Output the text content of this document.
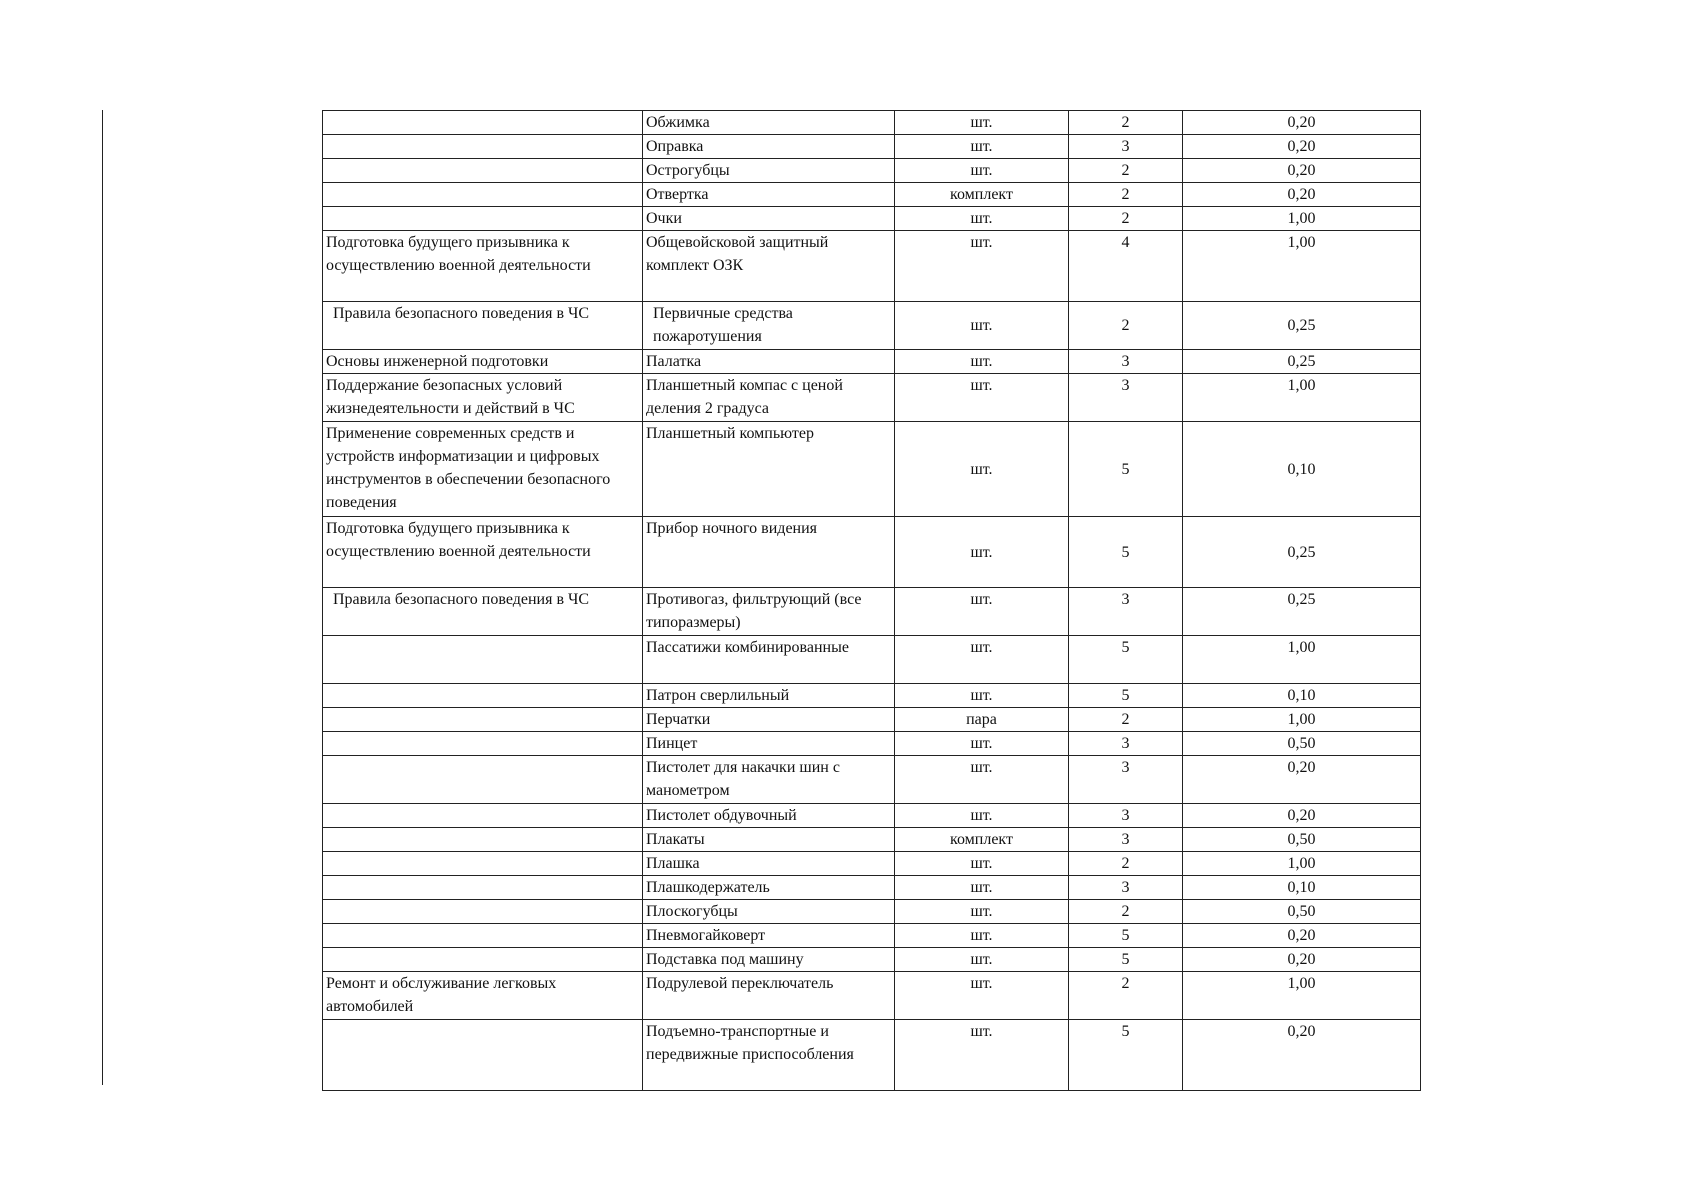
	Обжимка	шт.	2	0,20
	Оправка	шт.	3	0,20
	Острогубцы	шт.	2	0,20
	Отвертка	комплект	2	0,20
	Очки	шт.	2	1,00
Подготовка будущего призывника к осуществлению военной деятельности	Общевойсковой защитный комплект ОЗК	шт.	4	1,00
Правила безопасного поведения в ЧС	Первичные средства пожаротушения	шт.	2	0,25
Основы инженерной подготовки	Палатка	шт.	3	0,25
Поддержание безопасных условий жизнедеятельности и действий в ЧС	Планшетный компас с ценой деления 2 градуса	шт.	3	1,00
Применение современных средств и устройств информатизации и цифровых инструментов в обеспечении безопасного поведения	Планшетный компьютер	шт.	5	0,10
Подготовка будущего призывника к осуществлению военной деятельности	Прибор ночного видения	шт.	5	0,25
Правила безопасного поведения в ЧС	Противогаз, фильтрующий (все типоразмеры)	шт.	3	0,25
	Пассатижи комбинированные	шт.	5	1,00
	Патрон сверлильный	шт.	5	0,10
	Перчатки	пара	2	1,00
	Пинцет	шт.	3	0,50
	Пистолет для накачки шин с манометром	шт.	3	0,20
	Пистолет обдувочный	шт.	3	0,20
	Плакаты	комплект	3	0,50
	Плашка	шт.	2	1,00
	Плашкодержатель	шт.	3	0,10
	Плоскогубцы	шт.	2	0,50
	Пневмогайковерт	шт.	5	0,20
	Подставка под машину	шт.	5	0,20
Ремонт и обслуживание легковых автомобилей	Подрулевой переключатель	шт.	2	1,00
	Подъемно-транспортные и передвижные приспособления	шт.	5	0,20
